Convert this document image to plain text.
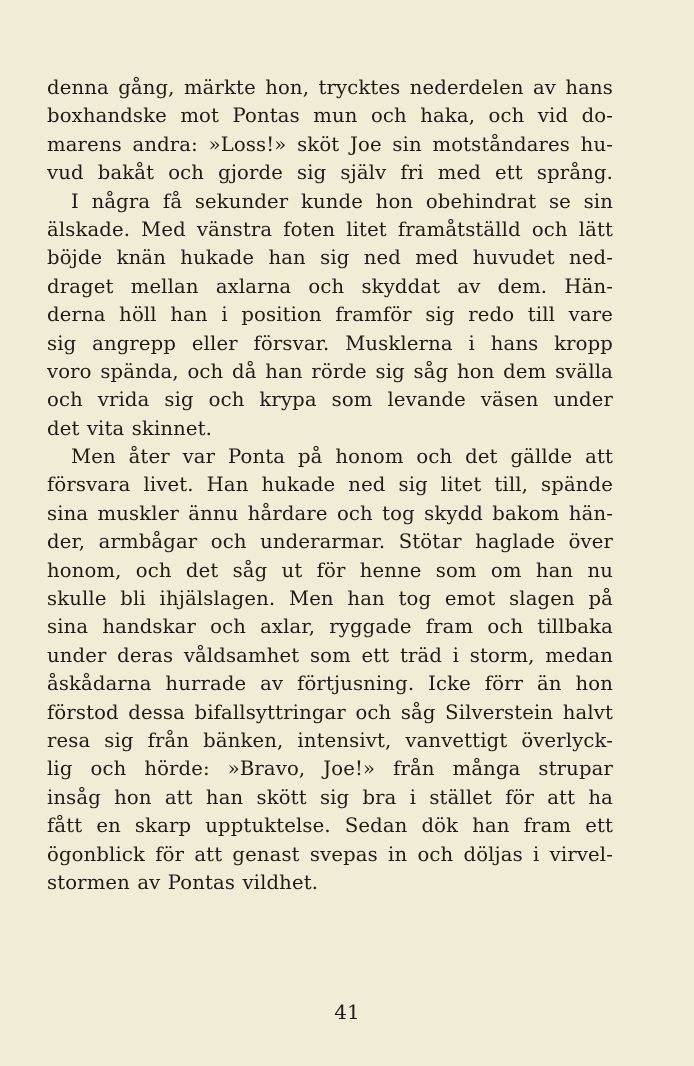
denna gång, märkte hon, trycktes nederdelen av hans
boxhandske mot Pontas mun och haka, och vid do-
marens andra: »Loss!» sköt Joe sin motståndares hu-
vud bakåt och gjorde sig själv fri med ett språng.
I några få sekunder kunde hon obehindrat se sin
älskade. Med vänstra foten litet framåtställd och lätt
böjde knän hukade han sig ned med huvudet ned-
draget mellan axlarna och skyddat av dem. Hän-
derna höll han i position framför sig redo till vare
sig angrepp eller försvar. Musklerna i hans kropp
voro spända, och då han rörde sig såg hon dem svälla
och vrida sig och krypa som levande väsen under
det vita skinnet.
Men åter var Ponta på honom och det gällde att
försvara livet. Han hukade ned sig litet till, spände
sina muskler ännu hårdare och tog skydd bakom hän-
der, armbågar och underarmar. Stötar haglade över
honom, och det såg ut för henne som om han nu
skulle bli ihjälslagen. Men han tog emot slagen på
sina handskar och axlar, ryggade fram och tillbaka
under deras våldsamhet som ett träd i storm, medan
åskådarna hurrade av förtjusning. Icke förr än hon
förstod dessa bifallsyttringar och såg Silverstein halvt
resa sig från bänken, intensivt, vanvettigt överlyck-
lig och hörde: »Bravo, Joe!» från många strupar
insåg hon att han skött sig bra i stället för att ha
fått en skarp upptuktelse. Sedan dök han fram ett
ögonblick för att genast svepas in och döljas i virvel-
stormen av Pontas vildhet.
41
